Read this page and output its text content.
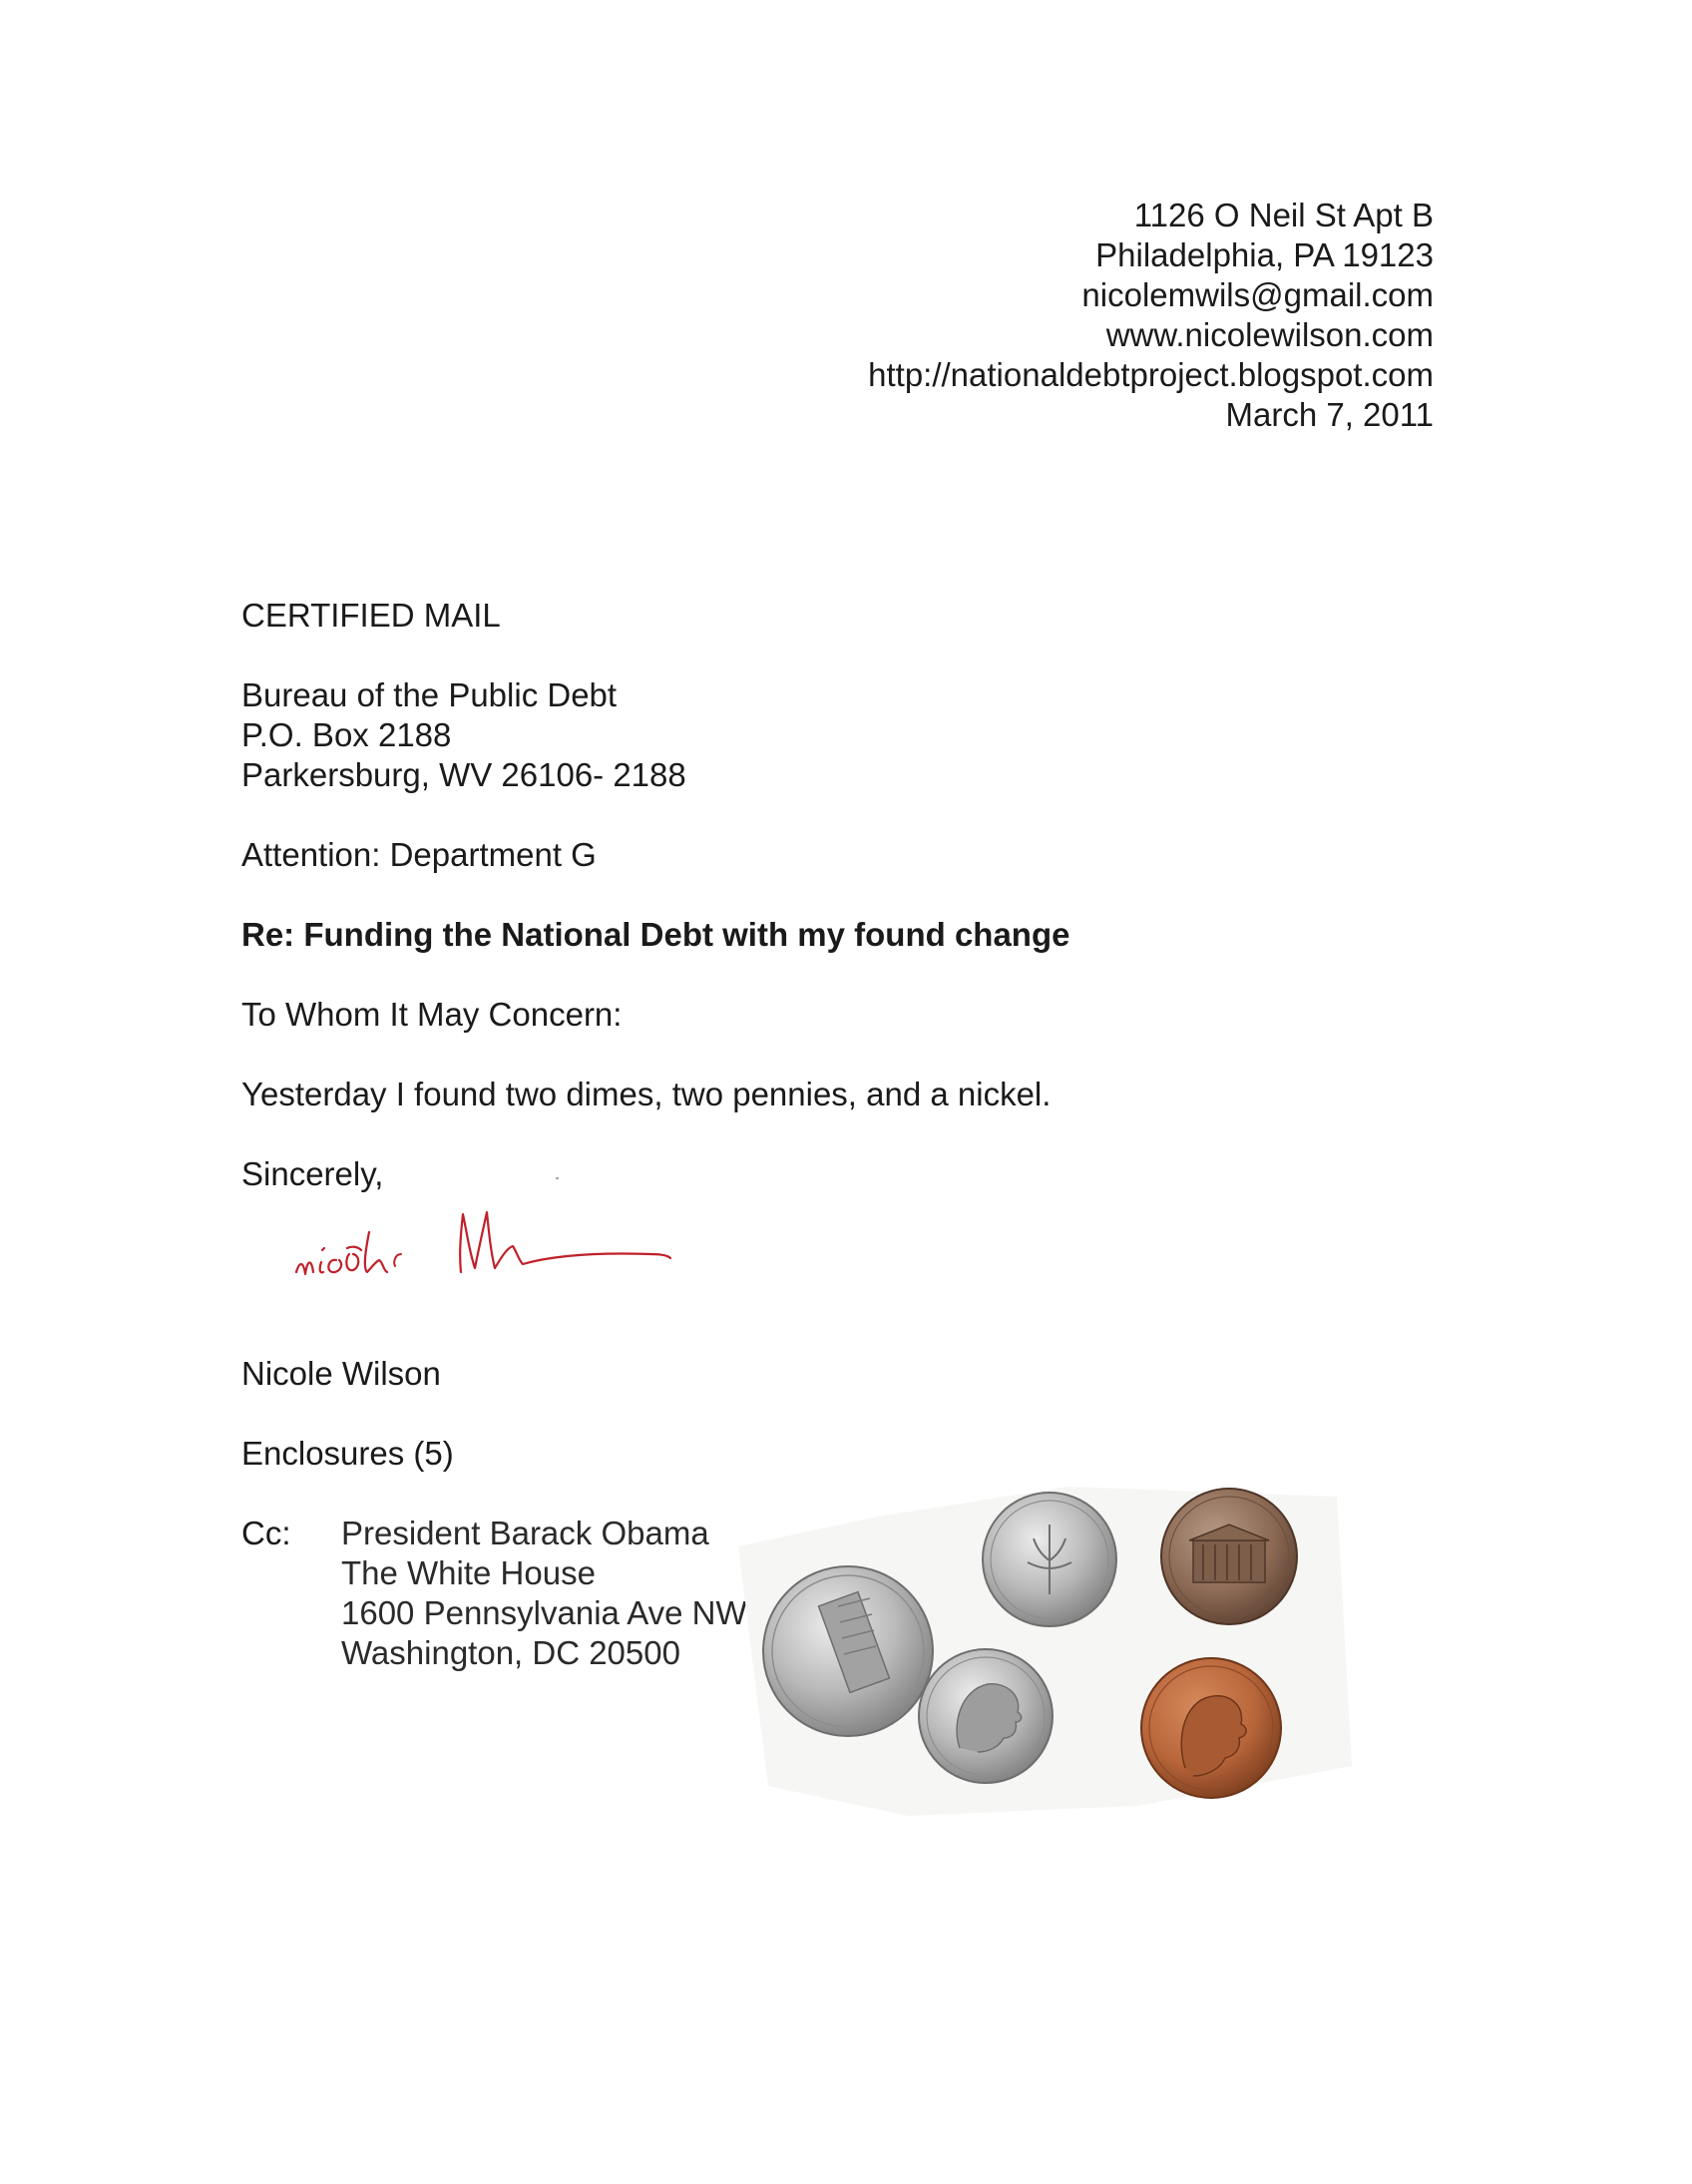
1126 O Neil St Apt B
Philadelphia, PA 19123
nicolemwils@gmail.com
www.nicolewilson.com
http://nationaldebtproject.blogspot.com
March 7, 2011
CERTIFIED MAIL
Bureau of the Public Debt
P.O. Box 2188
Parkersburg, WV 26106- 2188
Attention: Department G
Re: Funding the National Debt with my found change
To Whom It May Concern:
Yesterday I found two dimes, two pennies, and a nickel.
Sincerely,
Nicole Wilson
Enclosures (5)
Cc: President Barack Obama
The White House
1600 Pennsylvania Ave NW
Washington, DC 20500
